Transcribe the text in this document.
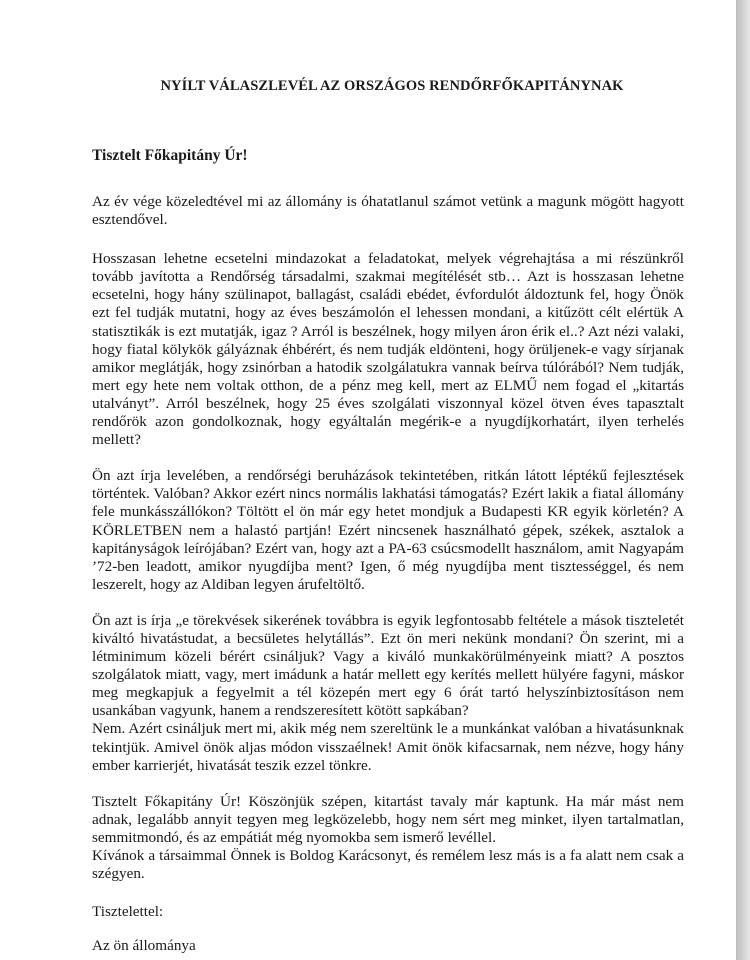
NYÍLT VÁLASZLEVÉL AZ ORSZÁGOS RENDŐRFŐKAPITÁNYNAK
Tisztelt Főkapitány Úr!

Az év vége közeledtével mi az állomány is óhatatlanul számot vetünk a magunk mögött hagyott esztendővel.

Hosszasan lehetne ecsetelni mindazokat a feladatokat, melyek végrehajtása a mi részünkről tovább javította a Rendőrség társadalmi, szakmai megítélését stb… Azt is hosszasan lehetne ecsetelni, hogy hány szülinapot, ballagást, családi ebédet, évfordulót áldoztunk fel, hogy Önök ezt fel tudják mutatni, hogy az éves beszámolón el lehessen mondani, a kitűzött célt elértük A statisztikák is ezt mutatják, igaz ? Arról is beszélnek, hogy milyen áron érik el..? Azt nézi valaki, hogy fiatal kölykök gályáznak éhbérért, és nem tudják eldönteni, hogy örüljenek-e vagy sírjanak amikor meglátják, hogy zsinórban a hatodik szolgálatukra vannak beírva túlórából? Nem tudják, mert egy hete nem voltak otthon, de a pénz meg kell, mert az ELMŰ nem fogad el „kitartás utalványt”. Arról beszélnek, hogy 25 éves szolgálati viszonnyal közel ötven éves tapasztalt rendőrök azon gondolkoznak, hogy egyáltalán megérik-e a nyugdíjkorhatárt, ilyen terhelés mellett?

Ön azt írja levelében, a rendőrségi beruházások tekintetében, ritkán látott léptékű fejlesztések történtek. Valóban? Akkor ezért nincs normális lakhatási támogatás? Ezért lakik a fiatal állomány fele munkásszállókon? Töltött el ön már egy hetet mondjuk a Budapesti KR egyik körletén? A KÖRLETBEN nem a halastó partján! Ezért nincsenek használható gépek, székek, asztalok a kapitányságok leírójában? Ezért van, hogy azt a PA-63 csúcsmodellt használom, amit Nagyapám ’72-ben leadott, amikor nyugdíjba ment? Igen, ő még nyugdíjba ment tisztességgel, és nem leszerelt, hogy az Aldiban legyen árufeltöltő.

Ön azt is írja „e törekvések sikerének továbbra is egyik legfontosabb feltétele a mások tiszteletét kiváltó hivatástudat, a becsületes helytállás”. Ezt ön meri nekünk mondani? Ön szerint, mi a létminimum közeli bérért csináljuk? Vagy a kiváló munkakörülményeink miatt? A posztos szolgálatok miatt, vagy, mert imádunk a határ mellett egy kerítés mellett hülyére fagyni, máskor meg megkapjuk a fegyelmit a tél közepén mert egy 6 órát tartó helyszínbiztosításon nem usankában vagyunk, hanem a rendszeresített kötött sapkában?

Nem. Azért csináljuk mert mi, akik még nem szereltünk le a munkánkat valóban a hivatásunknak tekintjük. Amivel önök aljas módon visszaélnek! Amit önök kifacsarnak, nem nézve, hogy hány ember karrierjét, hivatását teszik ezzel tönkre.

Tisztelt Főkapitány Úr! Köszönjük szépen, kitartást tavaly már kaptunk. Ha már mást nem adnak, legalább annyit tegyen meg legközelebb, hogy nem sért meg minket, ilyen tartalmatlan, semmitmondó, és az empátiát még nyomokba sem ismerő levéllel.

Kívánok a társaimmal Önnek is Boldog Karácsonyt, és remélem lesz más is a fa alatt nem csak a szégyen.

Tisztelettel:

Az ön állománya
